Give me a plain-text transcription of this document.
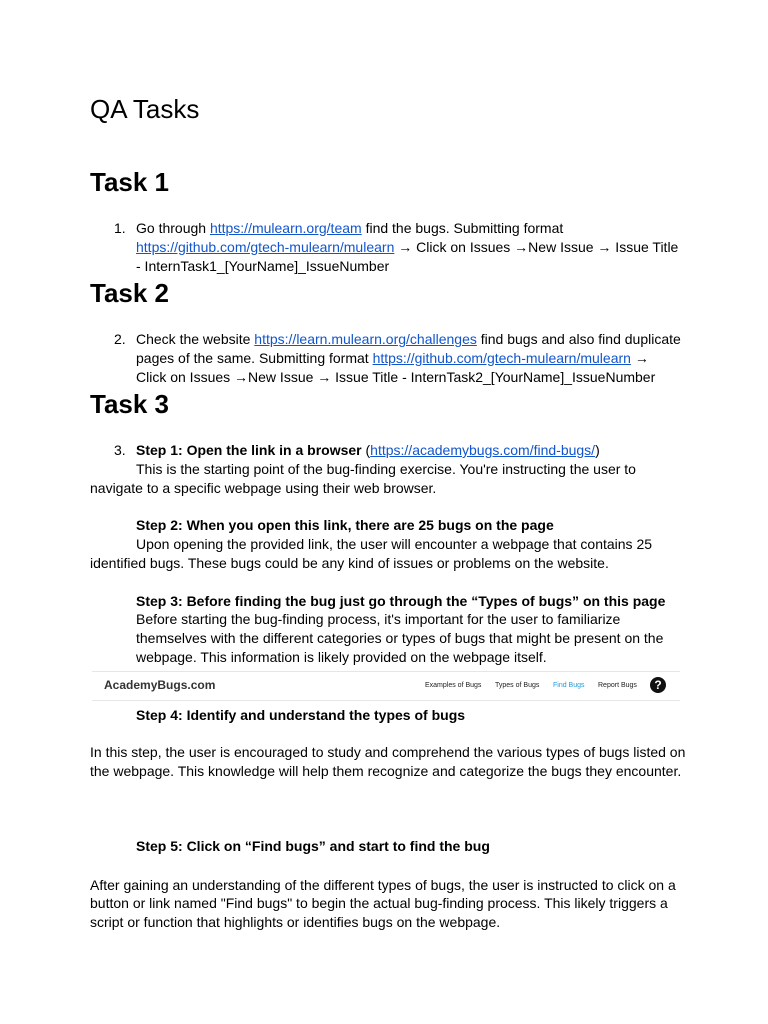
QA Tasks
Task 1
1. Go through https://mulearn.org/team find the bugs. Submitting format
https://github.com/gtech-mulearn/mulearn → Click on Issues →New Issue → Issue Title
- InternTask1_[YourName]_IssueNumber
Task 2
2. Check the website https://learn.mulearn.org/challenges find bugs and also find duplicate
pages of the same. Submitting format https://github.com/gtech-mulearn/mulearn →
Click on Issues →New Issue → Issue Title - InternTask2_[YourName]_IssueNumber
Task 3
3. Step 1: Open the link in a browser (https://academybugs.com/find-bugs/)
This is the starting point of the bug-finding exercise. You're instructing the user to
navigate to a specific webpage using their web browser.
Step 2: When you open this link, there are 25 bugs on the page
Upon opening the provided link, the user will encounter a webpage that contains 25
identified bugs. These bugs could be any kind of issues or problems on the website.
Step 3: Before finding the bug just go through the “Types of bugs” on this page
Before starting the bug-finding process, it's important for the user to familiarize
themselves with the different categories or types of bugs that might be present on the
webpage. This information is likely provided on the webpage itself.
AcademyBugs.com	Examples of Bugs Types of Bugs Find Bugs Report Bugs	?
Step 4: Identify and understand the types of bugs
In this step, the user is encouraged to study and comprehend the various types of bugs listed on
the webpage. This knowledge will help them recognize and categorize the bugs they encounter.
Step 5: Click on “Find bugs” and start to find the bug
After gaining an understanding of the different types of bugs, the user is instructed to click on a
button or link named "Find bugs" to begin the actual bug-finding process. This likely triggers a
script or function that highlights or identifies bugs on the webpage.
